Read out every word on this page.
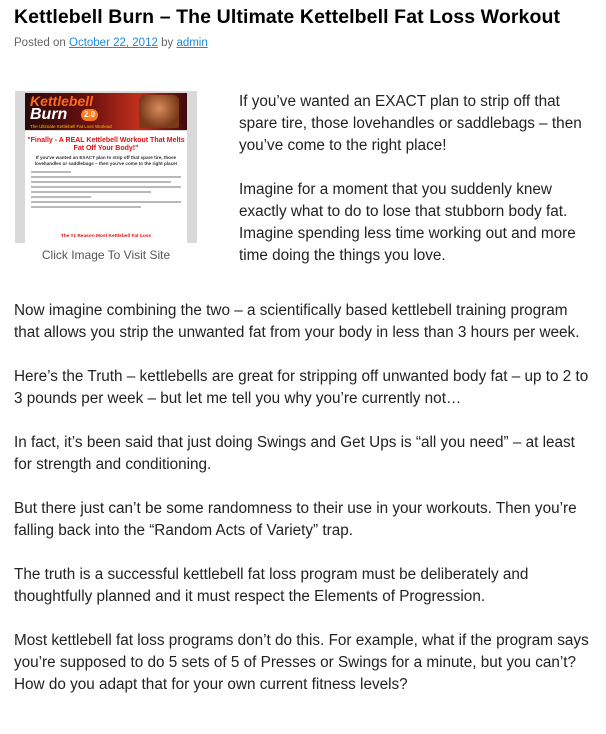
Kettlebell Burn – The Ultimate Kettelbell Fat Loss Workout
Posted on October 22, 2012 by admin
Kettlebell
Burn	2.0
The Ultimate Kettlebell Fat Loss Workout
"Finally - A REAL Kettlebell Workout That Melts Fat Off Your Body!"
If you've wanted an EXACT plan to strip off that spare tire, those lovehandles or saddlebags – then you've come to the right place!
The #1 Reason Most Kettlebell Fat Loss
Click Image To Visit Site

If you’ve wanted an EXACT plan to strip off that spare tire, those lovehandles or saddlebags – then you’ve come to the right place!

Imagine for a moment that you suddenly knew exactly what to do to lose that stubborn body fat. Imagine spending less time working out and more time doing the things you love.

Now imagine combining the two – a scientifically based kettlebell training program that allows you strip the unwanted fat from your body in less than 3 hours per week.

Here’s the Truth – kettlebells are great for stripping off unwanted body fat – up to 2 to 3 pounds per week – but let me tell you why you’re currently not…

In fact, it’s been said that just doing Swings and Get Ups is “all you need” – at least for strength and conditioning.

But there just can’t be some randomness to their use in your workouts. Then you’re falling back into the “Random Acts of Variety” trap.

The truth is a successful kettlebell fat loss program must be deliberately and thoughtfully planned and it must respect the Elements of Progression.

Most kettlebell fat loss programs don’t do this. For example, what if the program says you’re supposed to do 5 sets of 5 of Presses or Swings for a minute, but you can’t? How do you adapt that for your own current fitness levels?
